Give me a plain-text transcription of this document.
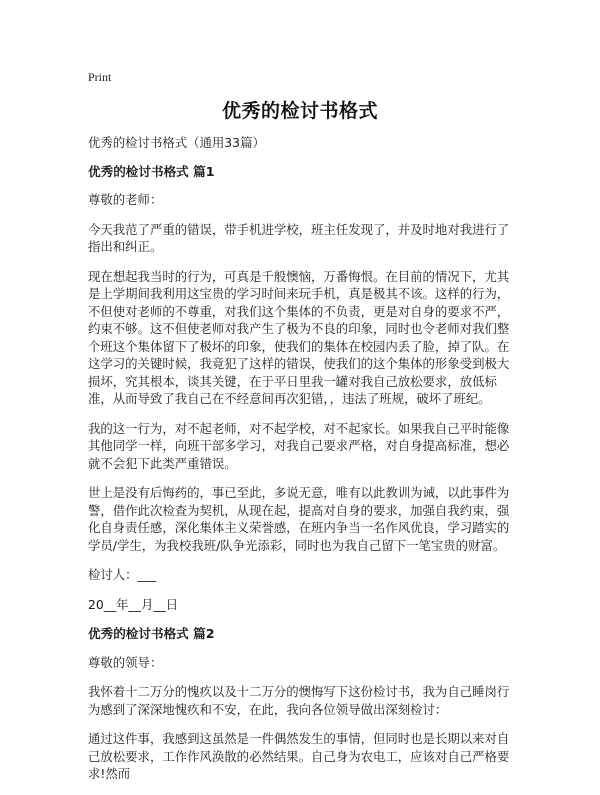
Print
优秀的检讨书格式

优秀的检讨书格式（通用33篇）

优秀的检讨书格式 篇1

尊敬的老师：

今天我范了严重的错误，带手机进学校，班主任发现了，并及时地对我进行了指出和纠正。

现在想起我当时的行为，可真是千般懊恼，万番悔恨。在目前的情况下，尤其是上学期间我利用这宝贵的学习时间来玩手机，真是极其不该。这样的行为，不但使对老师的不尊重，对我们这个集体的不负责，更是对自身的要求不严，约束不够。这不但使老师对我产生了极为不良的印象，同时也令老师对我们整个班这个集体留下了极坏的印象，使我们的集体在校园内丢了脸，掉了队。在这学习的关键时候，我竟犯了这样的错误，使我们的这个集体的形象受到极大损坏，究其根本，谈其关键，在于平日里我一罐对我自己放松要求，放低标准，从而导致了我自己在不经意间再次犯错，，违法了班规，破坏了班纪。

我的这一行为，对不起老师，对不起学校，对不起家长。如果我自己平时能像其他同学一样，向班干部多学习，对我自己要求严格，对自身提高标准，想必就不会犯下此类严重错误。

世上是没有后悔药的，事已至此，多说无意，唯有以此教训为诫，以此事件为警，借作此次检查为契机，从现在起，提高对自身的要求，加强自我约束，强化自身责任感，深化集体主义荣誉感，在班内争当一名作风优良，学习踏实的学员/学生，为我校我班/队争光添彩，同时也为我自己留下一笔宝贵的财富。

检讨人：___

20__年__月__日

优秀的检讨书格式 篇2

尊敬的领导：

我怀着十二万分的愧疚以及十二万分的懊悔写下这份检讨书，我为自己睡岗行为感到了深深地愧疚和不安，在此，我向各位领导做出深刻检讨：

通过这件事，我感到这虽然是一件偶然发生的事情，但同时也是长期以来对自己放松要求，工作作风涣散的必然结果。自己身为农电工，应该对自己严格要求!然而
